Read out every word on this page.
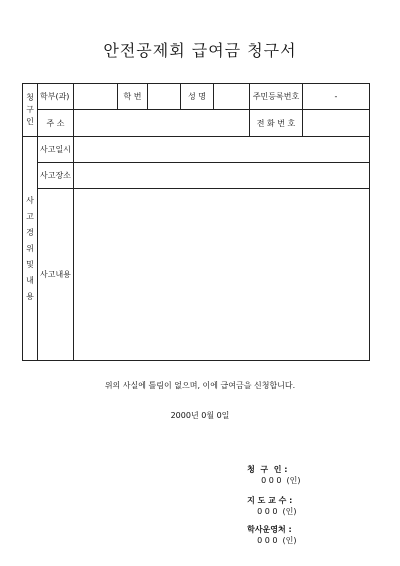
안전공제회 급여금 청구서
청구인	학부(과)		학 번		성 명		주민등록번호	-
	주 소						전 화 번 호	

사고경위 및 내용	사고일시							
	사고장소							
	사고내용							
위의 사실에 틀림이 없으며, 이에 급여금을 신청합니다.
2000년 0월 0일

청  구  인 :
0 0 0  (인)

지 도 교 수 :
0 0 0  (인)

학사운영처 :
0 0 0  (인)
